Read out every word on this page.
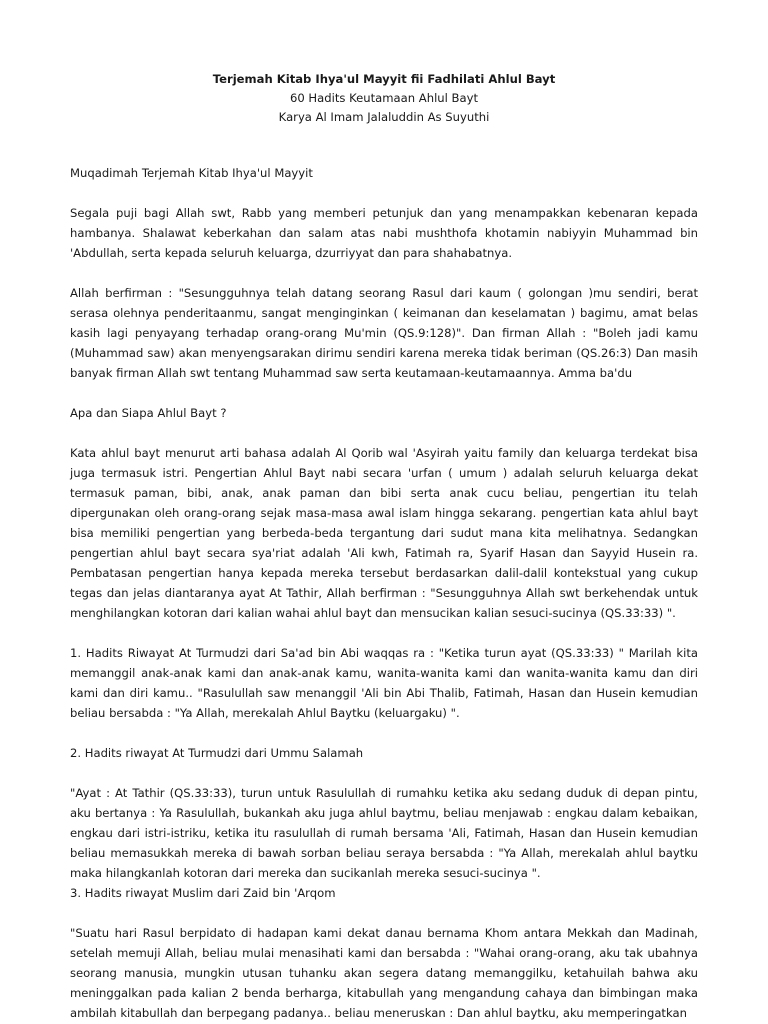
Terjemah Kitab Ihya'ul Mayyit fii Fadhilati Ahlul Bayt
60 Hadits Keutamaan Ahlul Bayt
Karya Al Imam Jalaluddin As Suyuthi

Muqadimah Terjemah Kitab Ihya'ul Mayyit

Segala puji bagi Allah swt, Rabb yang memberi petunjuk dan yang menampakkan kebenaran kepada hambanya. Shalawat keberkahan dan salam atas nabi mushthofa khotamin nabiyyin Muhammad bin 'Abdullah, serta kepada seluruh keluarga, dzurriyyat dan para shahabatnya.

Allah berfirman : "Sesungguhnya telah datang seorang Rasul dari kaum ( golongan )mu sendiri, berat serasa olehnya penderitaanmu, sangat menginginkan ( keimanan dan keselamatan ) bagimu, amat belas kasih lagi penyayang terhadap orang-orang Mu'min (QS.9:128)". Dan firman Allah : "Boleh jadi kamu (Muhammad saw) akan menyengsarakan dirimu sendiri karena mereka tidak beriman (QS.26:3) Dan masih banyak firman Allah swt tentang Muhammad saw serta keutamaan-keutamaannya. Amma ba'du

Apa dan Siapa Ahlul Bayt ?

Kata ahlul bayt menurut arti bahasa adalah Al Qorib wal 'Asyirah yaitu family dan keluarga terdekat bisa juga termasuk istri. Pengertian Ahlul Bayt nabi secara 'urfan ( umum ) adalah seluruh keluarga dekat termasuk paman, bibi, anak, anak paman dan bibi serta anak cucu beliau, pengertian itu telah dipergunakan oleh orang-orang sejak masa-masa awal islam hingga sekarang. pengertian kata ahlul bayt bisa memiliki pengertian yang berbeda-beda tergantung dari sudut mana kita melihatnya. Sedangkan pengertian ahlul bayt secara sya'riat adalah 'Ali kwh, Fatimah ra, Syarif Hasan dan Sayyid Husein ra. Pembatasan pengertian hanya kepada mereka tersebut berdasarkan dalil-dalil kontekstual yang cukup tegas dan jelas diantaranya ayat At Tathir, Allah berfirman : "Sesungguhnya Allah swt berkehendak untuk menghilangkan kotoran dari kalian wahai ahlul bayt dan mensucikan kalian sesuci-sucinya (QS.33:33) ".

1. Hadits Riwayat At Turmudzi dari Sa'ad bin Abi waqqas ra : "Ketika turun ayat (QS.33:33) " Marilah kita memanggil anak-anak kami dan anak-anak kamu, wanita-wanita kami dan wanita-wanita kamu dan diri kami dan diri kamu.. "Rasulullah saw menanggil 'Ali bin Abi Thalib, Fatimah, Hasan dan Husein kemudian beliau bersabda : "Ya Allah, merekalah Ahlul Baytku (keluargaku) ".

2. Hadits riwayat At Turmudzi dari Ummu Salamah

"Ayat : At Tathir (QS.33:33), turun untuk Rasulullah di rumahku ketika aku sedang duduk di depan pintu, aku bertanya : Ya Rasulullah, bukankah aku juga ahlul baytmu, beliau menjawab : engkau dalam kebaikan, engkau dari istri-istriku, ketika itu rasulullah di rumah bersama 'Ali, Fatimah, Hasan dan Husein kemudian beliau memasukkah mereka di bawah sorban beliau seraya bersabda : "Ya Allah, merekalah ahlul baytku maka hilangkanlah kotoran dari mereka dan sucikanlah mereka sesuci-sucinya ".

3. Hadits riwayat Muslim dari Zaid bin 'Arqom

"Suatu hari Rasul berpidato di hadapan kami dekat danau bernama Khom antara Mekkah dan Madinah, setelah memuji Allah, beliau mulai menasihati kami dan bersabda : "Wahai orang-orang, aku tak ubahnya seorang manusia, mungkin utusan tuhanku akan segera datang memanggilku, ketahuilah bahwa aku meninggalkan pada kalian 2 benda berharga, kitabullah yang mengandung cahaya dan bimbingan maka ambilah kitabullah dan berpegang padanya.. beliau meneruskan : Dan ahlul baytku, aku memperingatkan
